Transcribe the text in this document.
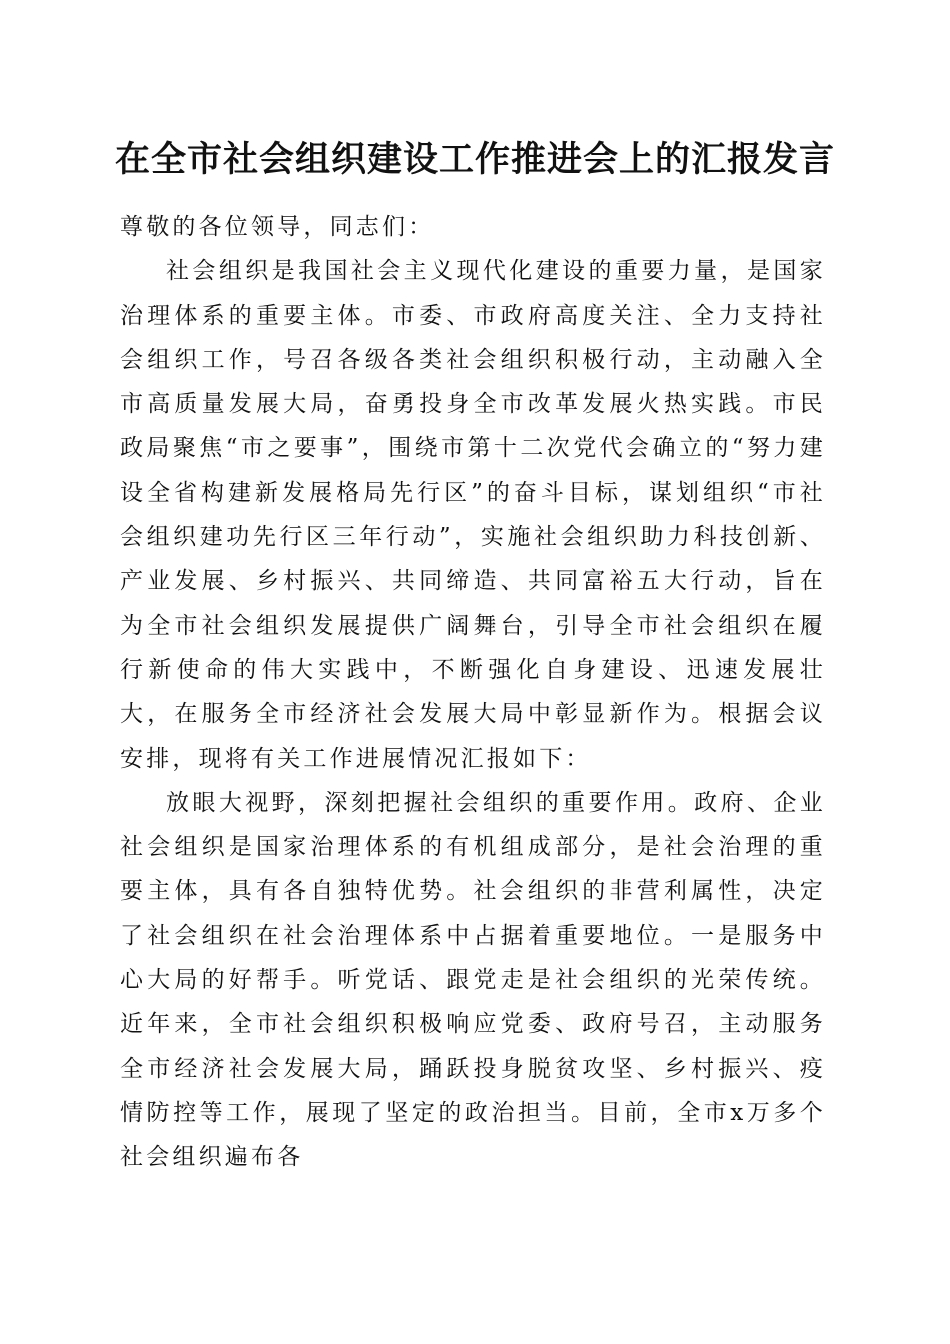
在全市社会组织建设工作推进会上的汇报发言

尊敬的各位领导，同志们：

社会组织是我国社会主义现代化建设的重要力量，是国家治理体系的重要主体。市委、市政府高度关注、全力支持社会组织工作，号召各级各类社会组织积极行动，主动融入全市高质量发展大局，奋勇投身全市改革发展火热实践。市民政局聚焦“市之要事”，围绕市第十二次党代会确立的“努力建设全省构建新发展格局先行区”的奋斗目标，谋划组织“市社会组织建功先行区三年行动”，实施社会组织助力科技创新、产业发展、乡村振兴、共同缔造、共同富裕五大行动，旨在为全市社会组织发展提供广阔舞台，引导全市社会组织在履行新使命的伟大实践中，不断强化自身建设、迅速发展壮大，在服务全市经济社会发展大局中彰显新作为。根据会议安排，现将有关工作进展情况汇报如下：

放眼大视野，深刻把握社会组织的重要作用。政府、企业社会组织是国家治理体系的有机组成部分，是社会治理的重要主体，具有各自独特优势。社会组织的非营利属性，决定了社会组织在社会治理体系中占据着重要地位。一是服务中心大局的好帮手。听党话、跟党走是社会组织的光荣传统。近年来，全市社会组织积极响应党委、政府号召，主动服务全市经济社会发展大局，踊跃投身脱贫攻坚、乡村振兴、疫情防控等工作，展现了坚定的政治担当。目前，全市x万多个社会组织遍布各
